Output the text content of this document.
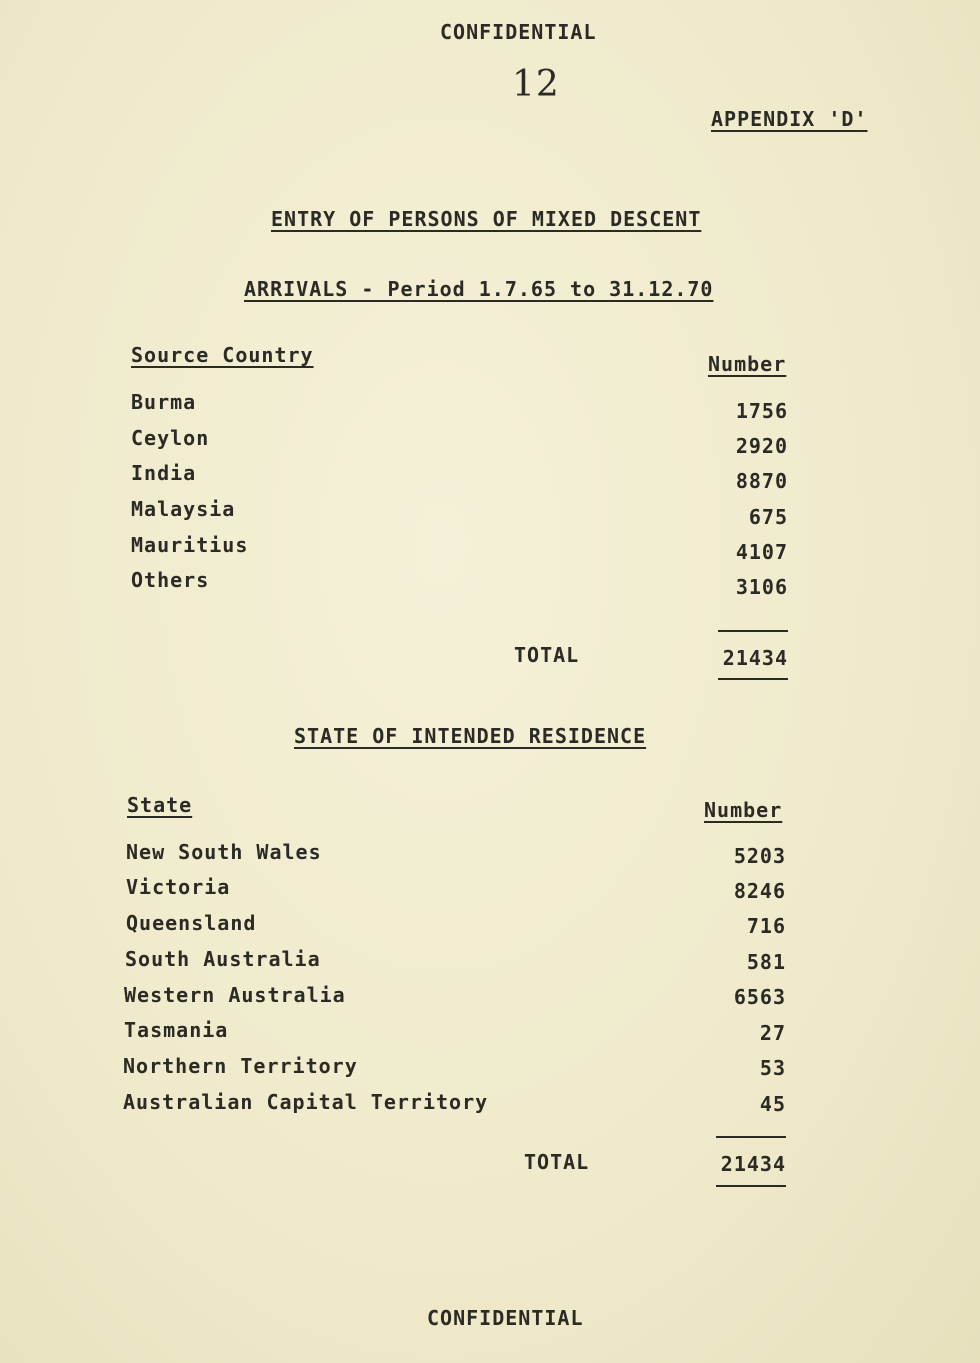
CONFIDENTIAL
12
APPENDIX 'D'
ENTRY OF PERSONS OF MIXED DESCENT
ARRIVALS - Period 1.7.65 to 31.12.70
Source Country	Number
Burma	1756
Ceylon	2920
India	8870
Malaysia	675
Mauritius	4107
Others	3106
TOTAL	21434
STATE OF INTENDED RESIDENCE
State	Number
New South Wales	5203
Victoria	8246
Queensland	716
South Australia	581
Western Australia	6563
Tasmania	27
Northern Territory	53
Australian Capital Territory	45
TOTAL	21434
CONFIDENTIAL
